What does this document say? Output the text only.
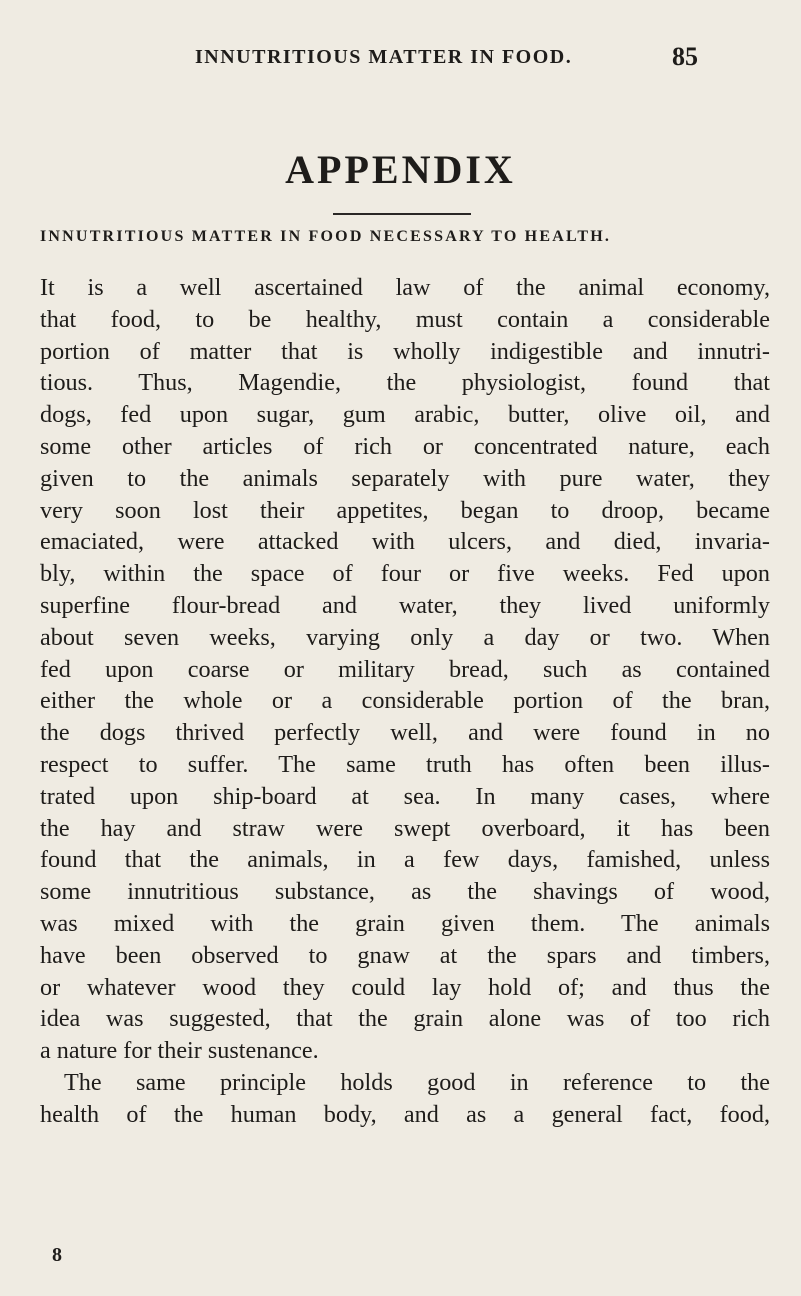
INNUTRITIOUS MATTER IN FOOD.	85
APPENDIX
INNUTRITIOUS MATTER IN FOOD NECESSARY TO HEALTH.
It is a well ascertained law of the animal economy,
that food, to be healthy, must contain a considerable
portion of matter that is wholly indigestible and innutri-
tious. Thus, Magendie, the physiologist, found that
dogs, fed upon sugar, gum arabic, butter, olive oil, and
some other articles of rich or concentrated nature, each
given to the animals separately with pure water, they
very soon lost their appetites, began to droop, became
emaciated, were attacked with ulcers, and died, invaria-
bly, within the space of four or five weeks. Fed upon
superfine flour-bread and water, they lived uniformly
about seven weeks, varying only a day or two. When
fed upon coarse or military bread, such as contained
either the whole or a considerable portion of the bran,
the dogs thrived perfectly well, and were found in no
respect to suffer. The same truth has often been illus-
trated upon ship-board at sea. In many cases, where
the hay and straw were swept overboard, it has been
found that the animals, in a few days, famished, unless
some innutritious substance, as the shavings of wood,
was mixed with the grain given them. The animals
have been observed to gnaw at the spars and timbers,
or whatever wood they could lay hold of; and thus the
idea was suggested, that the grain alone was of too rich
a nature for their sustenance.
The same principle holds good in reference to the
health of the human body, and as a general fact, food,
8
